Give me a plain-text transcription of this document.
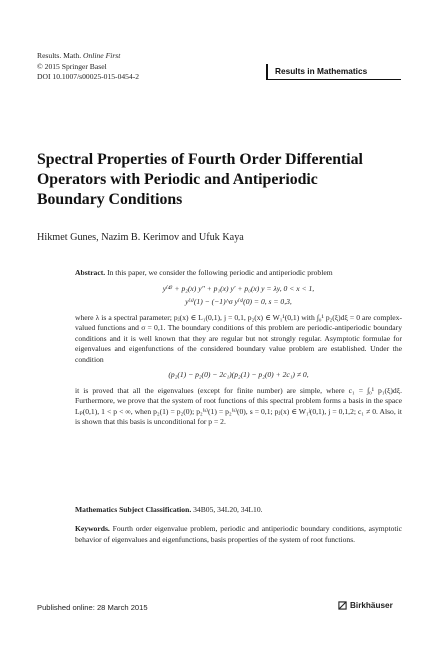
Results. Math. Online First
© 2015 Springer Basel
DOI 10.1007/s00025-015-0454-2
Results in Mathematics
Spectral Properties of Fourth Order Differential Operators with Periodic and Antiperiodic Boundary Conditions
Hikmet Gunes, Nazim B. Kerimov and Ufuk Kaya

Abstract. In this paper, we consider the following periodic and antiperiodic problem

y⁽⁴⁾ + p₂(x) y″ + p₁(x) y′ + p₀(x) y = λy, 0 < x < 1,
y⁽ˢ⁾(1) − (−1)^σ y⁽ˢ⁾(0) = 0, s = 0,3,

where λ is a spectral parameter; pⱼ(x) ∈ L₁(0,1), j = 0,1, p₂(x) ∈ W₁¹(0,1) with ∫₀¹ p₂(ξ)dξ = 0 are complex-valued functions and σ = 0,1. The boundary conditions of this problem are periodic-antiperiodic boundary conditions and it is well known that they are regular but not strongly regular. Asymptotic formulae for eigenvalues and eigenfunctions of the considered boundary value problem are established. Under the condition

(p₂(1) − p₂(0) − 2c₁)(p₂(1) − p₂(0) + 2c₁) ≠ 0,

it is proved that all the eigenvalues (except for finite number) are simple, where c₁ = ∫₀¹ p₁(ξ)dξ. Furthermore, we prove that the system of root functions of this spectral problem forms a basis in the space Lₚ(0,1), 1 < p < ∞, when p₂(1) = p₂(0); p₂⁽ˢ⁾(1) = p₂⁽ˢ⁾(0), s = 0,1; pⱼ(x) ∈ W₁ʲ(0,1), j = 0,1,2; c₁ ≠ 0. Also, it is shown that this basis is unconditional for p = 2.

Mathematics Subject Classification. 34B05, 34L20, 34L10.
Keywords. Fourth order eigenvalue problem, periodic and antiperiodic boundary conditions, asymptotic behavior of eigenvalues and eigenfunctions, basis properties of the system of root functions.
Published online: 28 March 2015	Birkhäuser
